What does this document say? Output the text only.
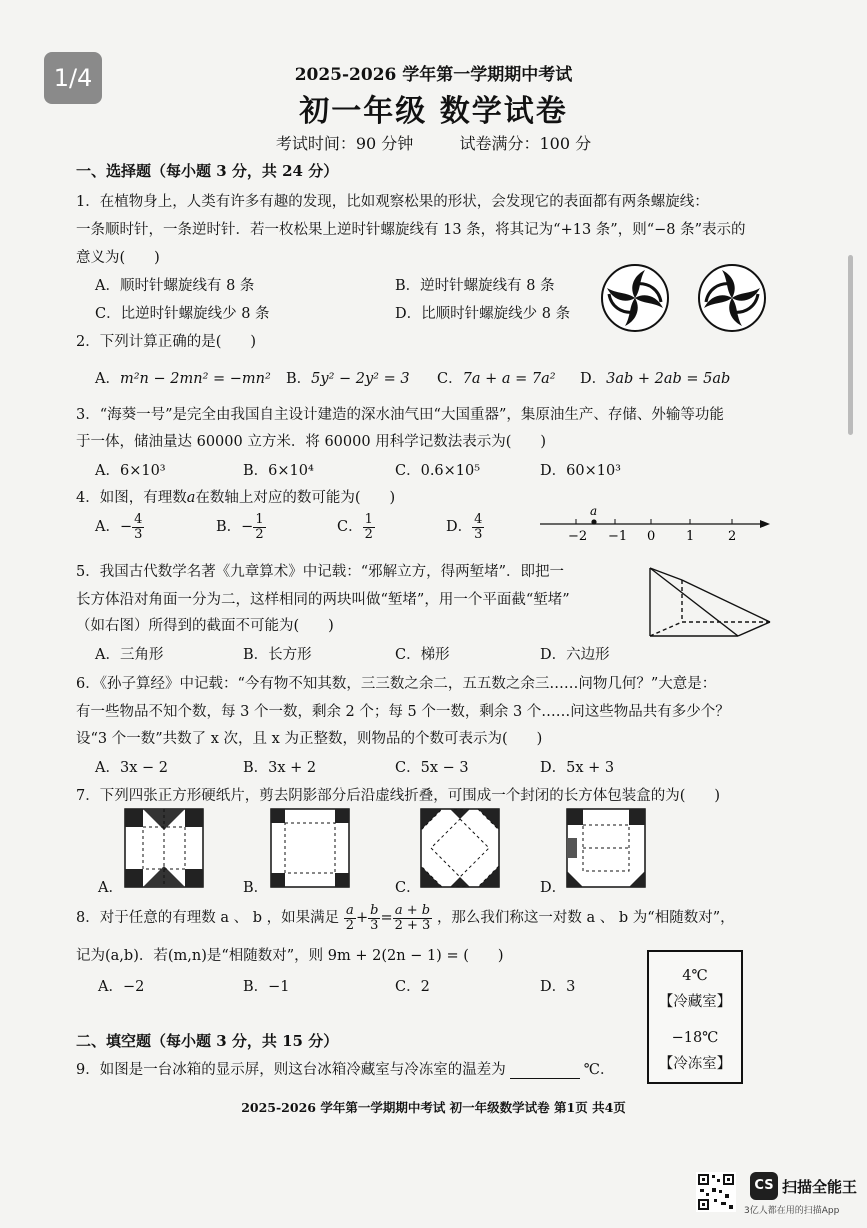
1/4	2025-2026 学年第一学期期中考试
初一年级 数学试卷
考试时间：90 分钟	试卷满分：100 分
一、选择题（每小题 3 分，共 24 分）
1．在植物身上，人类有许多有趣的发现，比如观察松果的形状，会发现它的表面都有两条螺旋线：
一条顺时针，一条逆时针．若一枚松果上逆时针螺旋线有 13 条，将其记为“+13 条”，则“−8 条”表示的
意义为(　　)
A．顺时针螺旋线有 8 条	B．逆时针螺旋线有 8 条
C．比逆时针螺旋线少 8 条	D．比顺时针螺旋线少 8 条
2．下列计算正确的是(　　)
A．m²n − 2mn² = −mn² B．5y² − 2y² = 3 C．7a + a = 7a² D．3ab + 2ab = 5ab
3．“海葵一号”是完全由我国自主设计建造的深水油气田“大国重器”，集原油生产、存储、外输等功能
于一体，储油量达 60000 立方米．将 60000 用科学记数法表示为(　　)
A．6×10³	B．6×10⁴	C．0.6×10⁵	D．60×10³
4．如图，有理数a在数轴上对应的数可能为(　　)
A．− $\frac{4}{3}$	B．− $\frac{1}{2}$	C． $\frac{1}{2}$	D． $\frac{4}{3}$
a
−2 −1 0 1	2
5．我国古代数学名著《九章算术》中记载：“邪解立方，得两堑堵”．即把一
长方体沿对角面一分为二，这样相同的两块叫做“堑堵”，用一个平面截“堑堵”
（如右图）所得到的截面不可能为(　　)
A．三角形	B．长方形	C．梯形	D．六边形
6．《孙子算经》中记载：“今有物不知其数，三三数之余二，五五数之余三……问物几何？”大意是：
有一些物品不知个数，每 3 个一数，剩余 2 个；每 5 个一数，剩余 3 个……问这些物品共有多少个？
设“3 个一数”共数了 x 次，且 x 为正整数，则物品的个数可表示为(　　)
A．3x − 2	B．3x + 2	C．5x − 3	D．5x + 3
7．下列四张正方形硬纸片，剪去阴影部分后沿虚线折叠，可围成一个封闭的长方体包装盒的为(　　)
A．	B．	C．	D．
8．对于任意的有理数 a 、 b ，如果满足 $\frac{a}{2} + \frac{b}{3} = \frac{a + b}{2 + 3}$ ，那么我们称这一对数 a 、 b 为“相随数对”，
记为(a,b)．若(m,n)是“相随数对”，则 9m + 2(2n − 1) = (　　)
A．−2	B．−1	C．2	D．3
4℃
【冷藏室】
−18℃
【冷冻室】
二、填空题（每小题 3 分，共 15 分）
9．如图是一台冰箱的显示屏，则这台冰箱冷藏室与冷冻室的温差为	℃．
2025-2026 学年第一学期期中考试 初一年级数学试卷 第1页 共4页
CS 扫描全能王
3亿人都在用的扫描App
